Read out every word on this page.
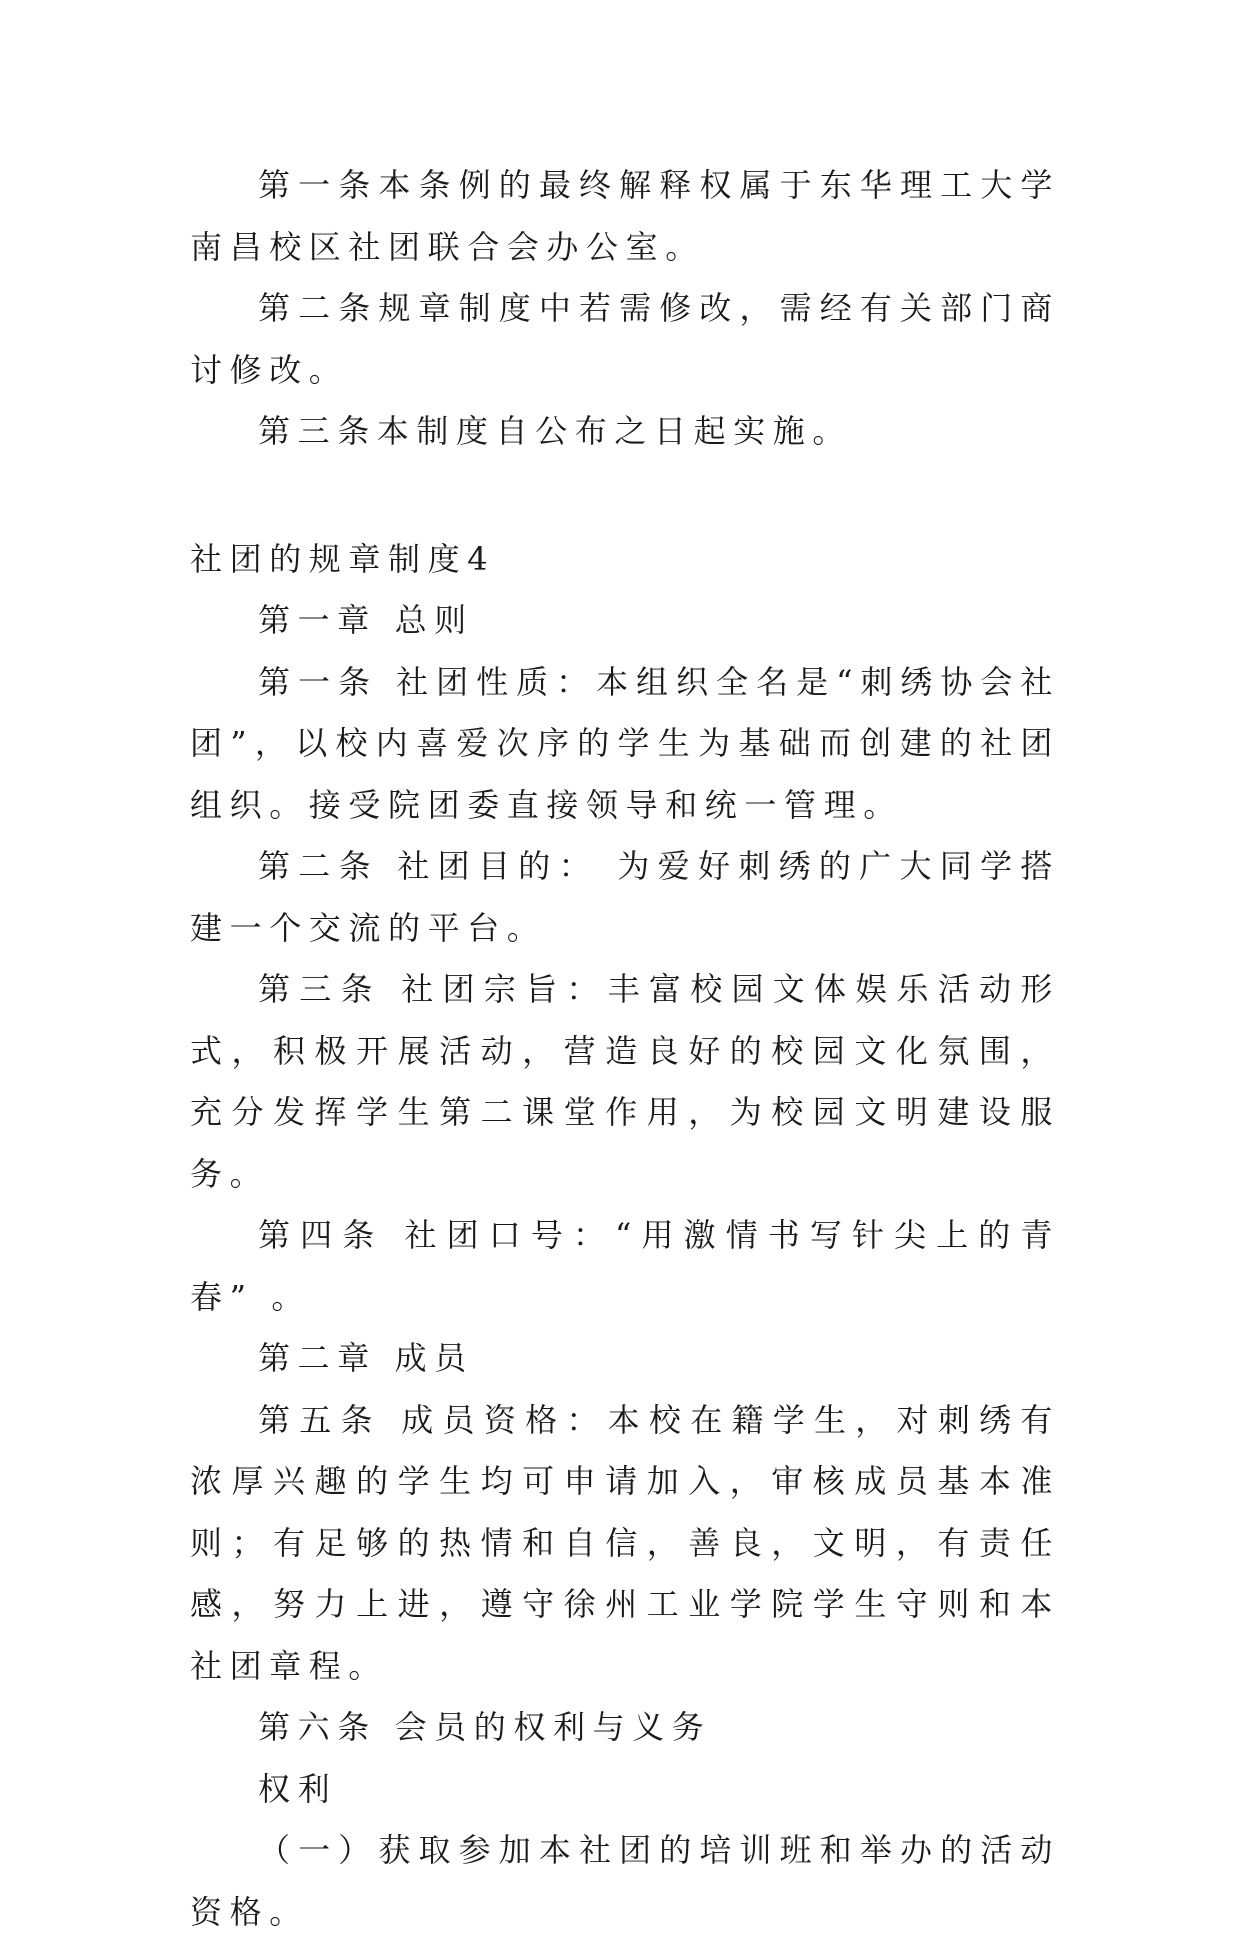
第一条本条例的最终解释权属于东华理工大学南昌校区社团联合会办公室。

第二条规章制度中若需修改，需经有关部门商讨修改。

第三条本制度自公布之日起实施。

社团的规章制度4

第一章 总则

第一条 社团性质：本组织全名是“刺绣协会社团”，以校内喜爱次序的学生为基础而创建的社团组织。接受院团委直接领导和统一管理。

第二条 社团目的： 为爱好刺绣的广大同学搭建一个交流的平台。

第三条 社团宗旨：丰富校园文体娱乐活动形式，积极开展活动，营造良好的校园文化氛围，充分发挥学生第二课堂作用，为校园文明建设服务。

第四条 社团口号：“用激情书写针尖上的青春” 。

第二章 成员

第五条 成员资格：本校在籍学生，对刺绣有浓厚兴趣的学生均可申请加入，审核成员基本准则；有足够的热情和自信，善良，文明，有责任感，努力上进，遵守徐州工业学院学生守则和本社团章程。

第六条 会员的权利与义务

权利

（一）获取参加本社团的培训班和举办的活动资格。
